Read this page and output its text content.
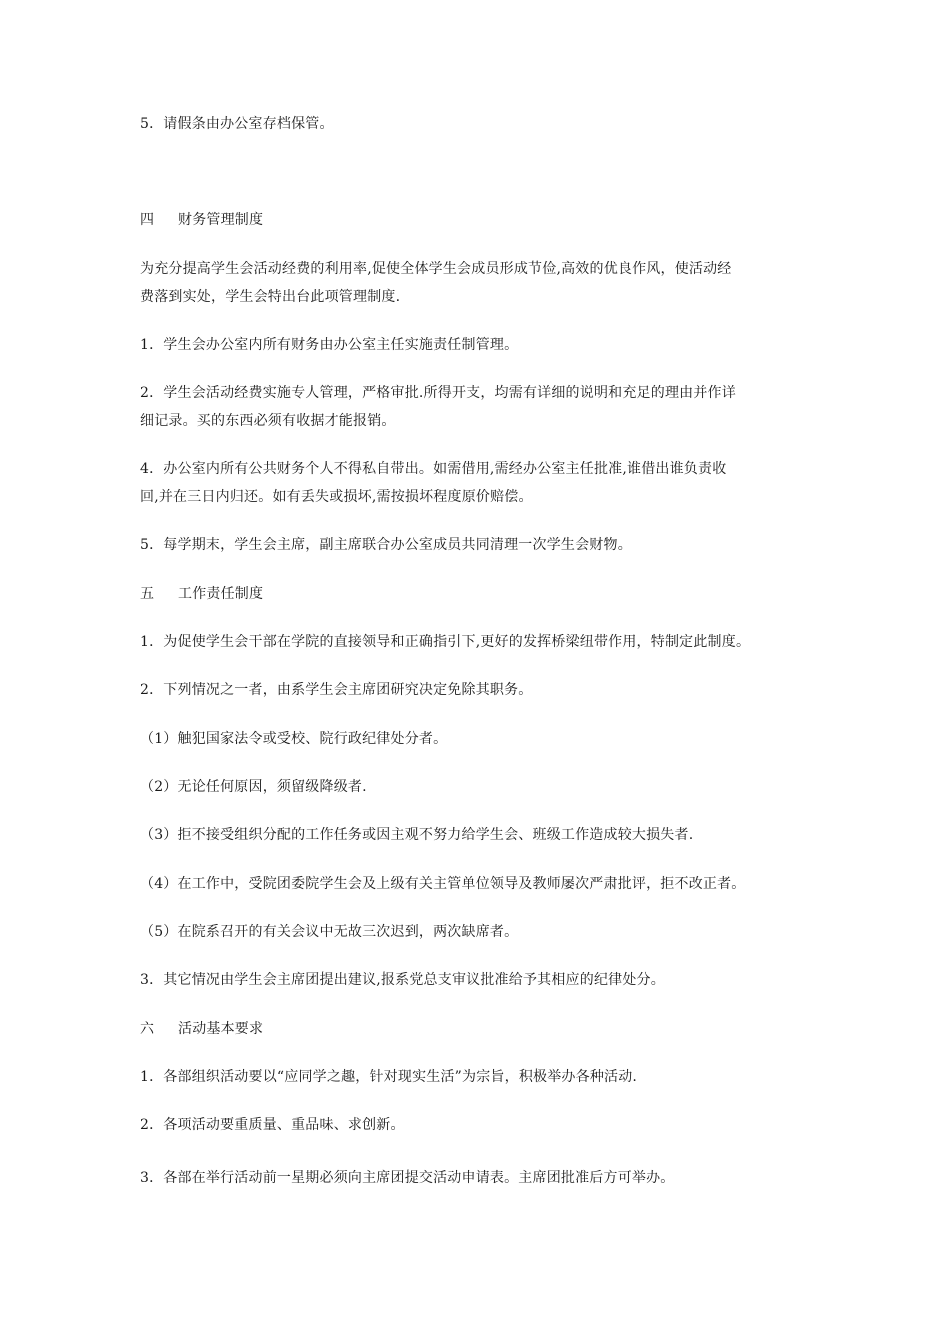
5．请假条由办公室存档保管。
四 财务管理制度
为充分提高学生会活动经费的利用率,促使全体学生会成员形成节俭,高效的优良作风，使活动经
费落到实处，学生会特出台此项管理制度.
1．学生会办公室内所有财务由办公室主任实施责任制管理。
2．学生会活动经费实施专人管理，严格审批.所得开支，均需有详细的说明和充足的理由并作详
细记录。买的东西必须有收据才能报销。
4．办公室内所有公共财务个人不得私自带出。如需借用,需经办公室主任批准,谁借出谁负责收
回,并在三日内归还。如有丢失或损坏,需按损坏程度原价赔偿。
5．每学期末，学生会主席，副主席联合办公室成员共同清理一次学生会财物。
五 工作责任制度
1．为促使学生会干部在学院的直接领导和正确指引下,更好的发挥桥梁纽带作用，特制定此制度。
2．下列情况之一者，由系学生会主席团研究决定免除其职务。
（1）触犯国家法令或受校、院行政纪律处分者。
（2）无论任何原因，须留级降级者.
（3）拒不接受组织分配的工作任务或因主观不努力给学生会、班级工作造成较大损失者.
（4）在工作中，受院团委院学生会及上级有关主管单位领导及教师屡次严肃批评，拒不改正者。
（5）在院系召开的有关会议中无故三次迟到，两次缺席者。
3．其它情况由学生会主席团提出建议,报系党总支审议批准给予其相应的纪律处分。
六 活动基本要求
1．各部组织活动要以“应同学之趣，针对现实生活”为宗旨，积极举办各种活动.
2．各项活动要重质量、重品味、求创新。
3．各部在举行活动前一星期必须向主席团提交活动申请表。主席团批准后方可举办。
